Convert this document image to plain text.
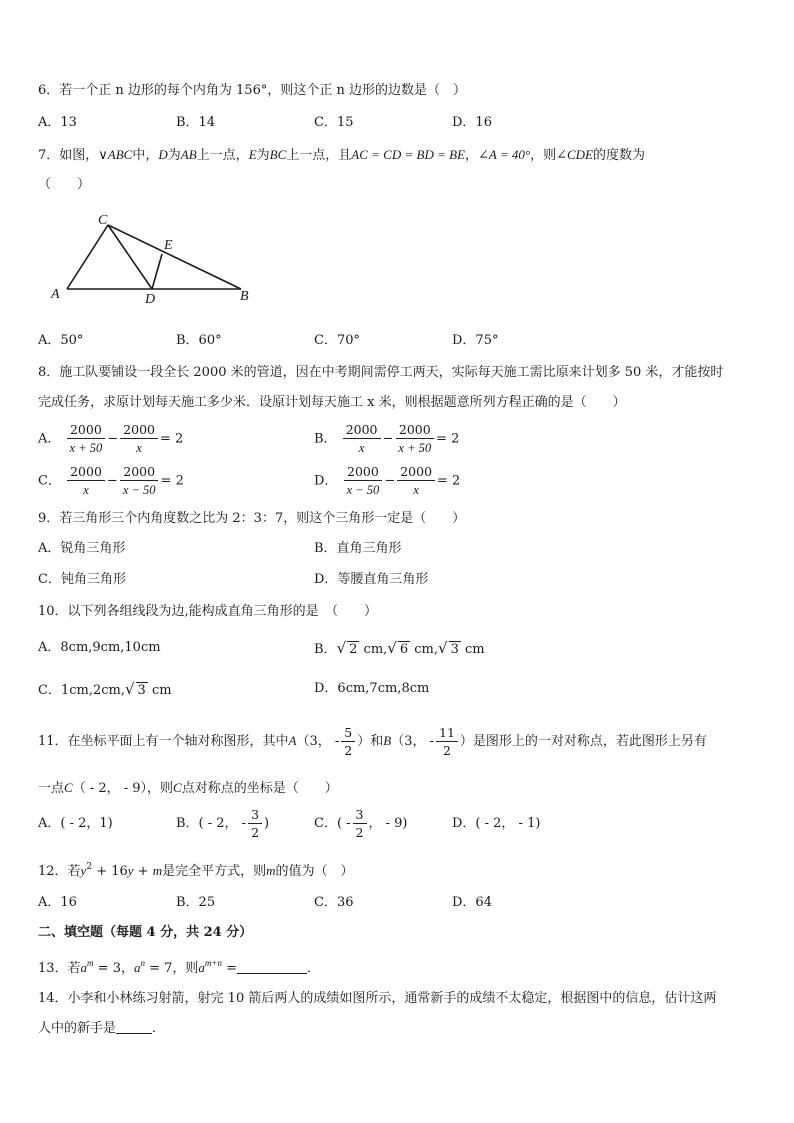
6．若一个正 n 边形的每个内角为 156°，则这个正 n 边形的边数是（　）
A．13	B．14	C．15	D．16
7．如图，∨ABC中，D为AB上一点，E为BC上一点，且AC = CD = BD = BE，∠A = 40°，则∠CDE的度数为
（　　）
C
E
A	D	B
A．50°	B．60°	C．70°	D．75°
8．施工队要铺设一段全长 2000 米的管道，因在中考期间需停工两天，实际每天施工需比原来计划多 50 米，才能按时
完成任务，求原计划每天施工多少米．设原计划每天施工 x 米，则根据题意所列方程正确的是（　　）
A． $\frac{2000}{x + 50} - \frac{2000}{x} = 2$	B． $\frac{2000}{x} - \frac{2000}{x + 50} = 2$
C． $\frac{2000}{x} - \frac{2000}{x - 50} = 2$	D． $\frac{2000}{x - 50} - \frac{2000}{x} = 2$
9．若三角形三个内角度数之比为 2：3：7，则这个三角形一定是（　　）
A．锐角三角形	B．直角三角形
C．钝角三角形	D．等腰直角三角形
10．以下列各组线段为边,能构成直角三角形的是　（　　）
A．8cm,9cm,10cm	B．√ 2 cm,√ 6 cm,√ 3 cm
C．1cm,2cm,√ 3 cm	D．6cm,7cm,8cm
11．在坐标平面上有一个轴对称图形，其中A（3， - $\frac{5}{2}$ ）和B（3， - $\frac{11}{2}$ ）是图形上的一对对称点，若此图形上另有
一点C（ - 2， - 9），则C点对称点的坐标是（　　）
A．( - 2，1)	B．( - 2， - $\frac{3}{2}$ )	C．( - $\frac{3}{2}$ ， - 9)	D．( - 2， - 1)
12．若$y^2 + 16y + m$是完全平方式，则m的值为（　）
A．16	B．25	C．36	D．64
二、填空题（每题 4 分，共 24 分）
13．若$a^m = 3$，$a^n = 7$，则$a^{m+n}$ =	．
14．小李和小林练习射箭，射完 10 箭后两人的成绩如图所示，通常新手的成绩不太稳定，根据图中的信息，估计这两
人中的新手是	．
